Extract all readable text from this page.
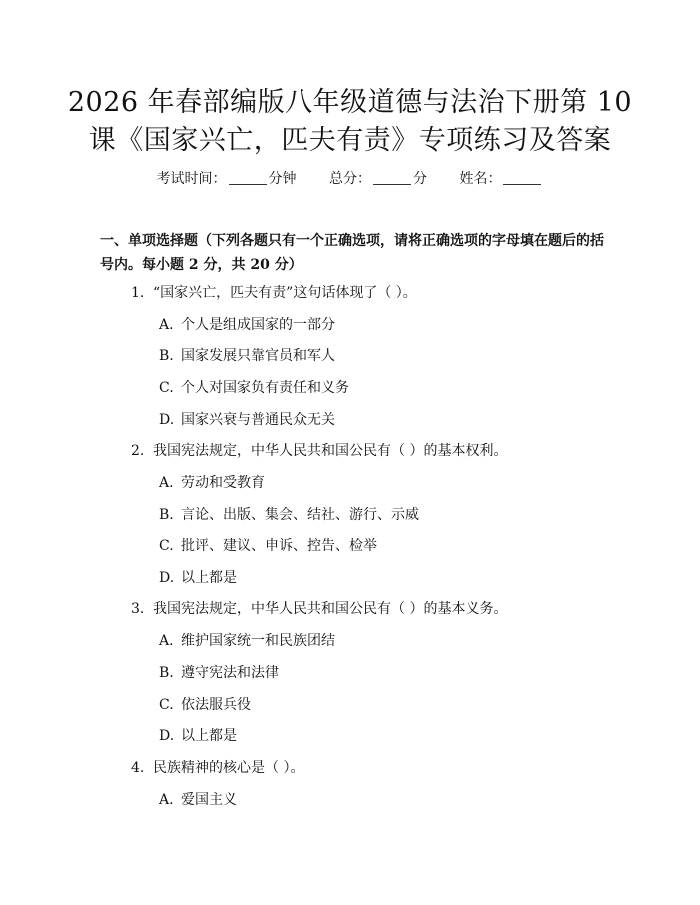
2026 年春部编版八年级道德与法治下册第 10
课《国家兴亡，匹夫有责》专项练习及答案
考试时间：	分钟 总分：	分 姓名：
一、单项选择题（下列各题只有一个正确选项，请将正确选项的字母填在题后的括号内。每小题 2 分，共 20 分）
1. “国家兴亡，匹夫有责”这句话体现了（ ）。
A. 个人是组成国家的一部分
B. 国家发展只靠官员和军人
C. 个人对国家负有责任和义务
D. 国家兴衰与普通民众无关
2. 我国宪法规定，中华人民共和国公民有（ ）的基本权利。
A. 劳动和受教育
B. 言论、出版、集会、结社、游行、示威
C. 批评、建议、申诉、控告、检举
D. 以上都是
3. 我国宪法规定，中华人民共和国公民有（ ）的基本义务。
A. 维护国家统一和民族团结
B. 遵守宪法和法律
C. 依法服兵役
D. 以上都是
4. 民族精神的核心是（ ）。
A. 爱国主义
